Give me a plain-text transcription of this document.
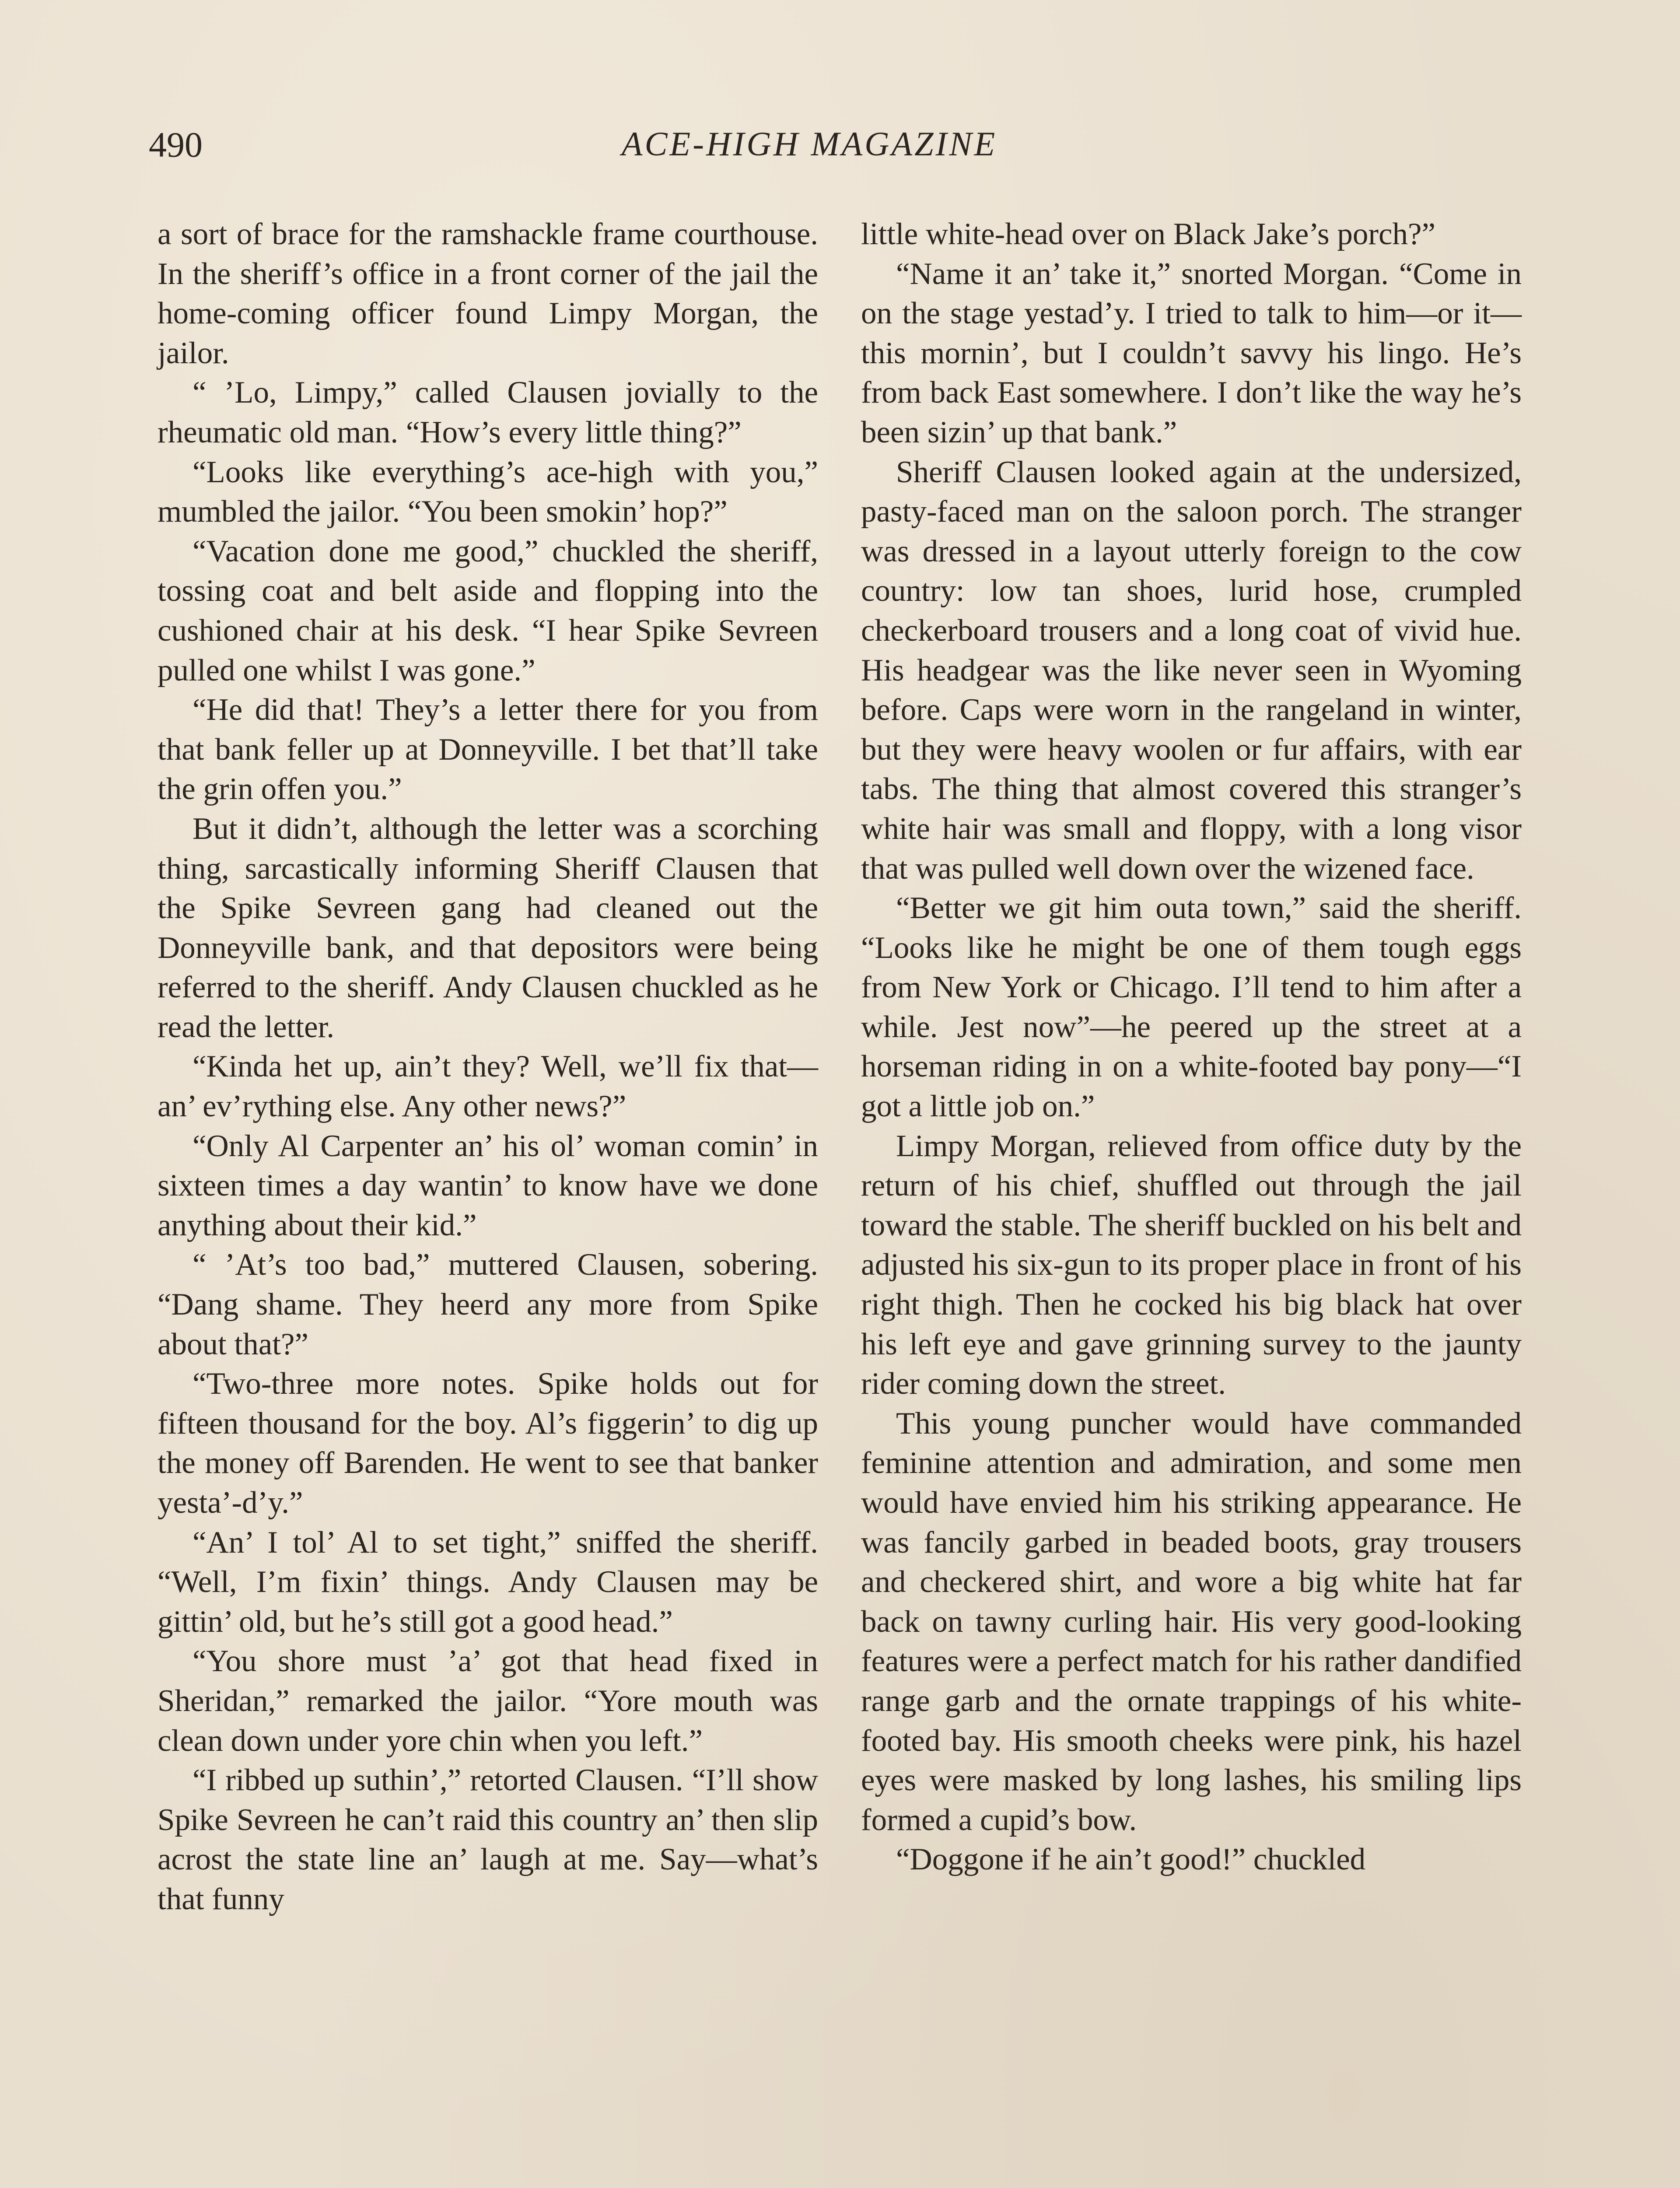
490	ACE-HIGH MAGAZINE

a sort of brace for the ramshackle frame courthouse. In the sheriff’s office in a front corner of the jail the home-coming officer found Limpy Morgan, the jailor.

“ ’Lo, Limpy,” called Clausen jovially to the rheumatic old man. “How’s every little thing?”

“Looks like everything’s ace-high with you,” mumbled the jailor. “You been smokin’ hop?”

“Vacation done me good,” chuckled the sheriff, tossing coat and belt aside and flopping into the cushioned chair at his desk. “I hear Spike Sevreen pulled one whilst I was gone.”

“He did that! They’s a letter there for you from that bank feller up at Donneyville. I bet that’ll take the grin offen you.”

But it didn’t, although the letter was a scorching thing, sarcastically informing Sheriff Clausen that the Spike Sevreen gang had cleaned out the Donneyville bank, and that depositors were being referred to the sheriff. Andy Clausen chuckled as he read the letter.

“Kinda het up, ain’t they? Well, we’ll fix that—an’ ev’rything else. Any other news?”

“Only Al Carpenter an’ his ol’ woman comin’ in sixteen times a day wantin’ to know have we done anything about their kid.”

“ ’At’s too bad,” muttered Clausen, sobering. “Dang shame. They heerd any more from Spike about that?”

“Two-three more notes. Spike holds out for fifteen thousand for the boy. Al’s figgerin’ to dig up the money off Barenden. He went to see that banker yesta’-d’y.”

“An’ I tol’ Al to set tight,” sniffed the sheriff. “Well, I’m fixin’ things. Andy Clausen may be gittin’ old, but he’s still got a good head.”

“You shore must ’a’ got that head fixed in Sheridan,” remarked the jailor. “Yore mouth was clean down under yore chin when you left.”

“I ribbed up suthin’,” retorted Clausen. “I’ll show Spike Sevreen he can’t raid this country an’ then slip acrost the state line an’ laugh at me. Say—what’s that funny

little white-head over on Black Jake’s porch?”

“Name it an’ take it,” snorted Morgan. “Come in on the stage yestad’y. I tried to talk to him—or it—this mornin’, but I couldn’t savvy his lingo. He’s from back East somewhere. I don’t like the way he’s been sizin’ up that bank.”

Sheriff Clausen looked again at the undersized, pasty-faced man on the saloon porch. The stranger was dressed in a layout utterly foreign to the cow country: low tan shoes, lurid hose, crumpled checkerboard trousers and a long coat of vivid hue. His headgear was the like never seen in Wyoming before. Caps were worn in the rangeland in winter, but they were heavy woolen or fur affairs, with ear tabs. The thing that almost covered this stranger’s white hair was small and floppy, with a long visor that was pulled well down over the wizened face.

“Better we git him outa town,” said the sheriff. “Looks like he might be one of them tough eggs from New York or Chicago. I’ll tend to him after a while. Jest now”—he peered up the street at a horseman riding in on a white-footed bay pony—“I got a little job on.”

Limpy Morgan, relieved from office duty by the return of his chief, shuffled out through the jail toward the stable. The sheriff buckled on his belt and adjusted his six-gun to its proper place in front of his right thigh. Then he cocked his big black hat over his left eye and gave grinning survey to the jaunty rider coming down the street.

This young puncher would have commanded feminine attention and admiration, and some men would have envied him his striking appearance. He was fancily garbed in beaded boots, gray trousers and checkered shirt, and wore a big white hat far back on tawny curling hair. His very good-looking features were a perfect match for his rather dandified range garb and the ornate trappings of his white-footed bay. His smooth cheeks were pink, his hazel eyes were masked by long lashes, his smiling lips formed a cupid’s bow.

“Doggone if he ain’t good!” chuckled
